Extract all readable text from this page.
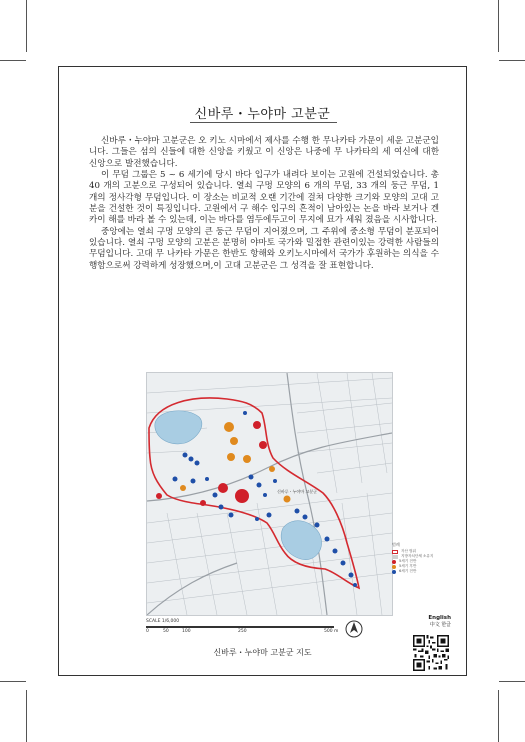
신바루・누야마 고분군

신바루・누야마 고분군은 오 키노 시마에서 제사를 수행 한 무나카타 가문이 세운 고분군입니다. 그들은 섬의 신들에 대한 신앙을 키웠고 이 신앙은 나중에 무 나카타의 세 여신에 대한 신앙으로 발전했습니다.

이 무덤 그룹은 5 ~ 6 세기에 당시 바다 입구가 내려다 보이는 고원에 건설되었습니다. 총 40 개의 고분으로 구성되어 있습니다. 열쇠 구멍 모양의 6 개의 무덤, 33 개의 둥근 무덤, 1 개의 정사각형 무덤입니다. 이 장소는 비교적 오랜 기간에 걸쳐 다양한 크기와 모양의 고대 고분을 건설한 것이 특징입니다. 고원에서 구 해수 입구의 흔적이 남아있는 논을 바라 보거나 겐 카이 해를 바라 볼 수 있는데, 이는 바다를 염두에두고이 무지에 묘가 세워 졌음을 시사합니다.

중앙에는 열쇠 구멍 모양의 큰 둥근 무덤이 지어졌으며, 그 주위에 중소형 무덤이 분포되어 있습니다. 열쇠 구멍 모양의 고분은 분명히 야마토 국가와 밀접한 관련이있는 강력한 사람들의 무덤입니다. 고대 무 나카타 가문은 한반도 항해와 오키노시마에서 국가가 후원하는 의식을 수행함으로써 강력하게 성장했으며,이 고대 고분군은 그 성격을 잘 표현합니다.

신바루・누야마 고분군
범례
자산 범위
지방자치단체 소유지
5세기 전반
5세기 후반
6세기 전반
SCALE 1/6,000
0	50	100	250	500 m
신바루・누야마 고분군 지도
English
中文 한글
